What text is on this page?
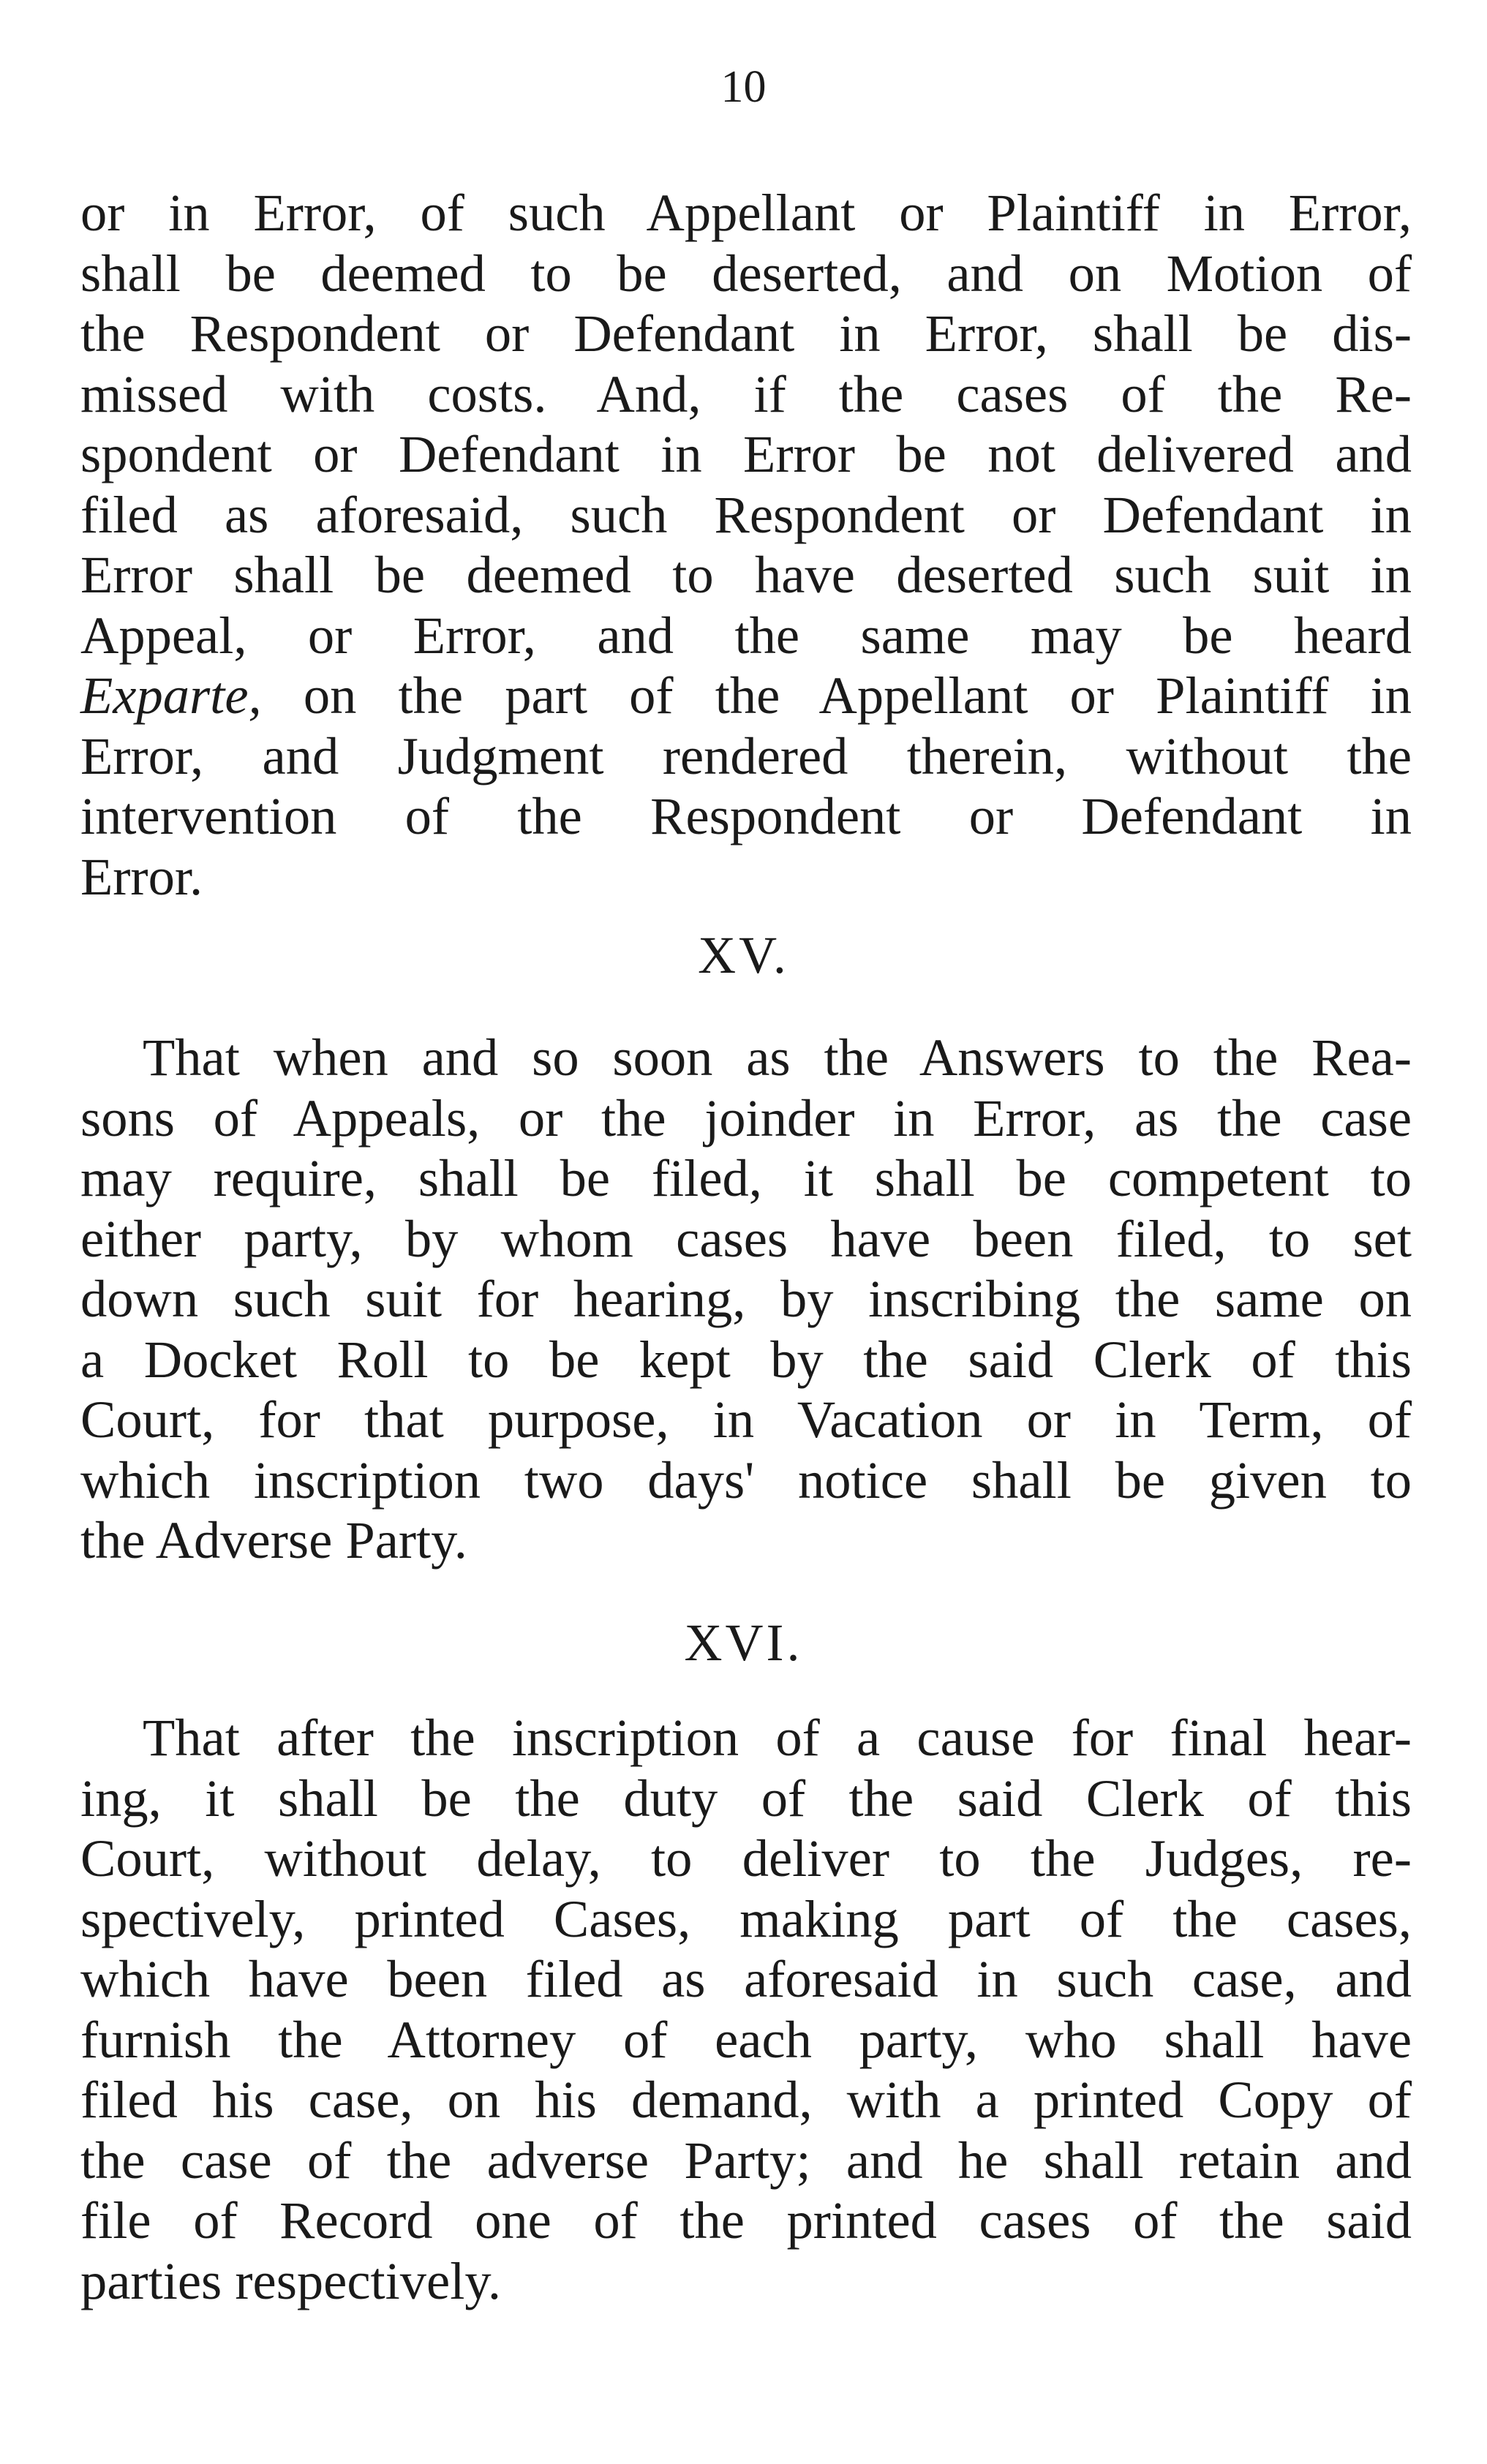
10
or in Error, of such Appellant or Plaintiff in Error,
shall be deemed to be deserted, and on Motion of
the Respondent or Defendant in Error, shall be dis-
missed with costs. And, if the cases of the Re-
spondent or Defendant in Error be not delivered and
filed as aforesaid, such Respondent or Defendant in
Error shall be deemed to have deserted such suit in
Appeal, or Error, and the same may be heard
Exparte, on the part of the Appellant or Plaintiff in
Error, and Judgment rendered therein, without the
intervention of the Respondent or Defendant in
Error.
XV.
That when and so soon as the Answers to the Rea-
sons of Appeals, or the joinder in Error, as the case
may require, shall be filed, it shall be competent to
either party, by whom cases have been filed, to set
down such suit for hearing, by inscribing the same on
a Docket Roll to be kept by the said Clerk of this
Court, for that purpose, in Vacation or in Term, of
which inscription two days' notice shall be given to
the Adverse Party.
XVI.
That after the inscription of a cause for final hear-
ing, it shall be the duty of the said Clerk of this
Court, without delay, to deliver to the Judges, re-
spectively, printed Cases, making part of the cases,
which have been filed as aforesaid in such case, and
furnish the Attorney of each party, who shall have
filed his case, on his demand, with a printed Copy of
the case of the adverse Party; and he shall retain and
file of Record one of the printed cases of the said
parties respectively.
